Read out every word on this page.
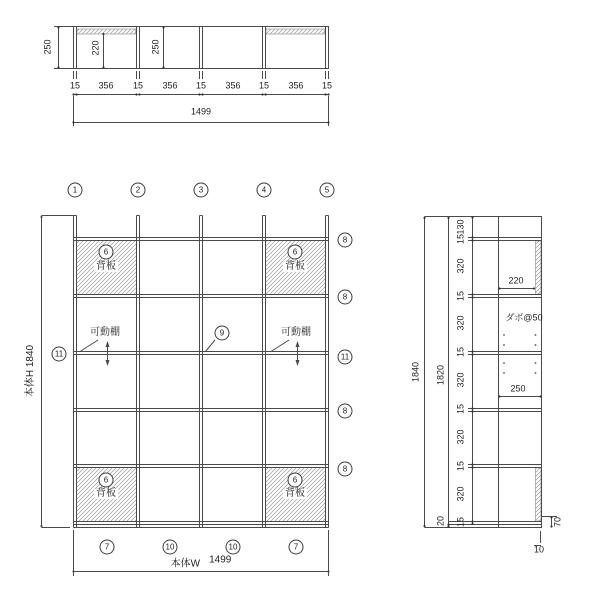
250	220	250
15 356 15 356 15 356 15 356 15
1499
1	2	3	4	5
6	6
背板	背板
6	6
背板	背板
可動棚	可動棚
9
11	11
8
8
8
8
本体H 1840
7	10	10	7
本体W 1499
1840 1820
20
130
15
320
15
320
15
320
15
320
15
320
15
220
ダボ@50
250
70
10
